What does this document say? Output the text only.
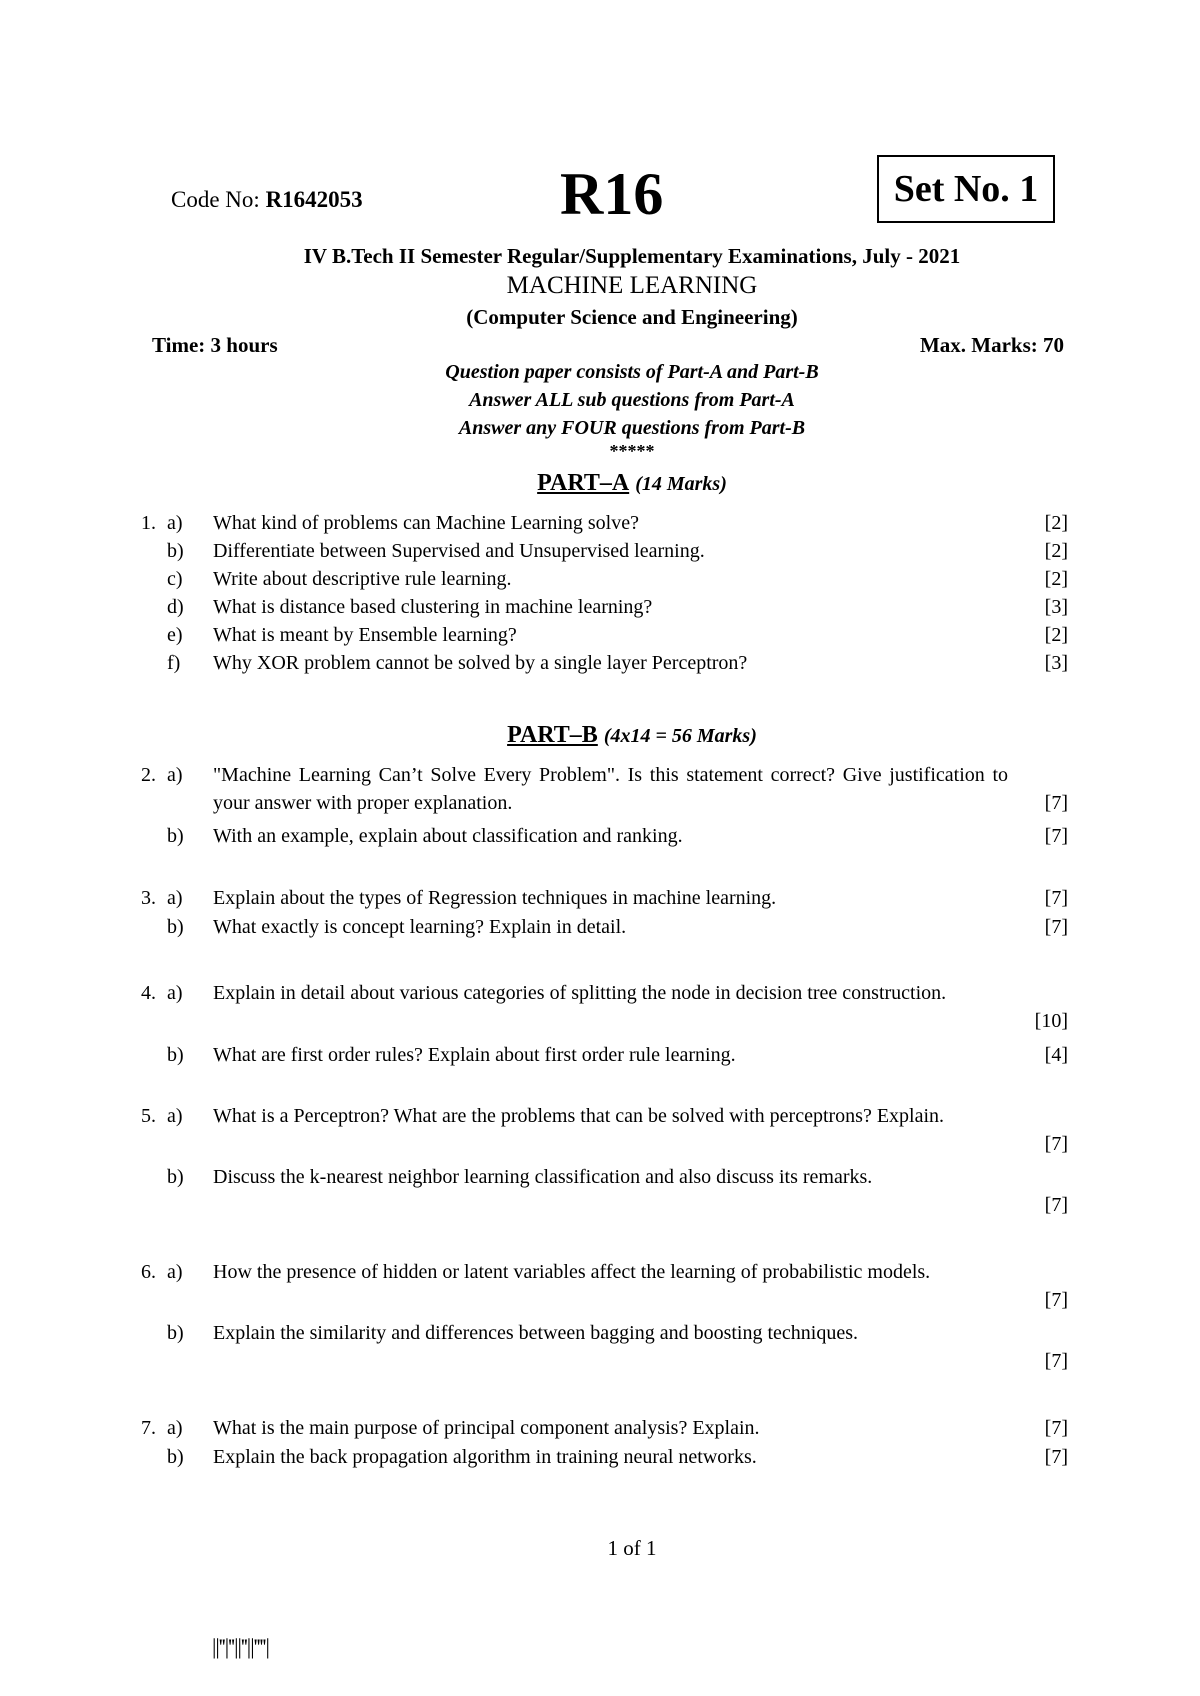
Code No: R1642053	R16	Set No. 1
IV B.Tech II Semester Regular/Supplementary Examinations, July - 2021
MACHINE LEARNING
(Computer Science and Engineering)
Time: 3 hours	Max. Marks: 70
Question paper consists of Part-A and Part-B
Answer ALL sub questions from Part-A
Answer any FOUR questions from Part-B
*****
PART–A (14 Marks)
1. a)	What kind of problems can Machine Learning solve?	[2]
b)	Differentiate between Supervised and Unsupervised learning.	[2]
c)	Write about descriptive rule learning.	[2]
d)	What is distance based clustering in machine learning?	[3]
e)	What is meant by Ensemble learning?	[2]
f)	Why XOR problem cannot be solved by a single layer Perceptron?	[3]
PART–B (4x14 = 56 Marks)
2. a)	"Machine Learning Can’t Solve Every Problem". Is this statement correct? Give justification to your answer with proper explanation.	[7]
b)	With an example, explain about classification and ranking.	[7]
3. a)	Explain about the types of Regression techniques in machine learning.	[7]
b)	What exactly is concept learning? Explain in detail.	[7]
4. a)	Explain in detail about various categories of splitting the node in decision tree construction.
[10]
b)	What are first order rules? Explain about first order rule learning.	[4]
5. a)	What is a Perceptron? What are the problems that can be solved with perceptrons? Explain.
[7]
b)	Discuss the k-nearest neighbor learning classification and also discuss its remarks.
[7]
6. a)	How the presence of hidden or latent variables affect the learning of probabilistic models.
[7]
b)	Explain the similarity and differences between bagging and boosting techniques.
[7]
7. a)	What is the main purpose of principal component analysis? Explain.	[7]
b)	Explain the back propagation algorithm in training neural networks.	[7]
1 of 1
||''|''||''||''''|
